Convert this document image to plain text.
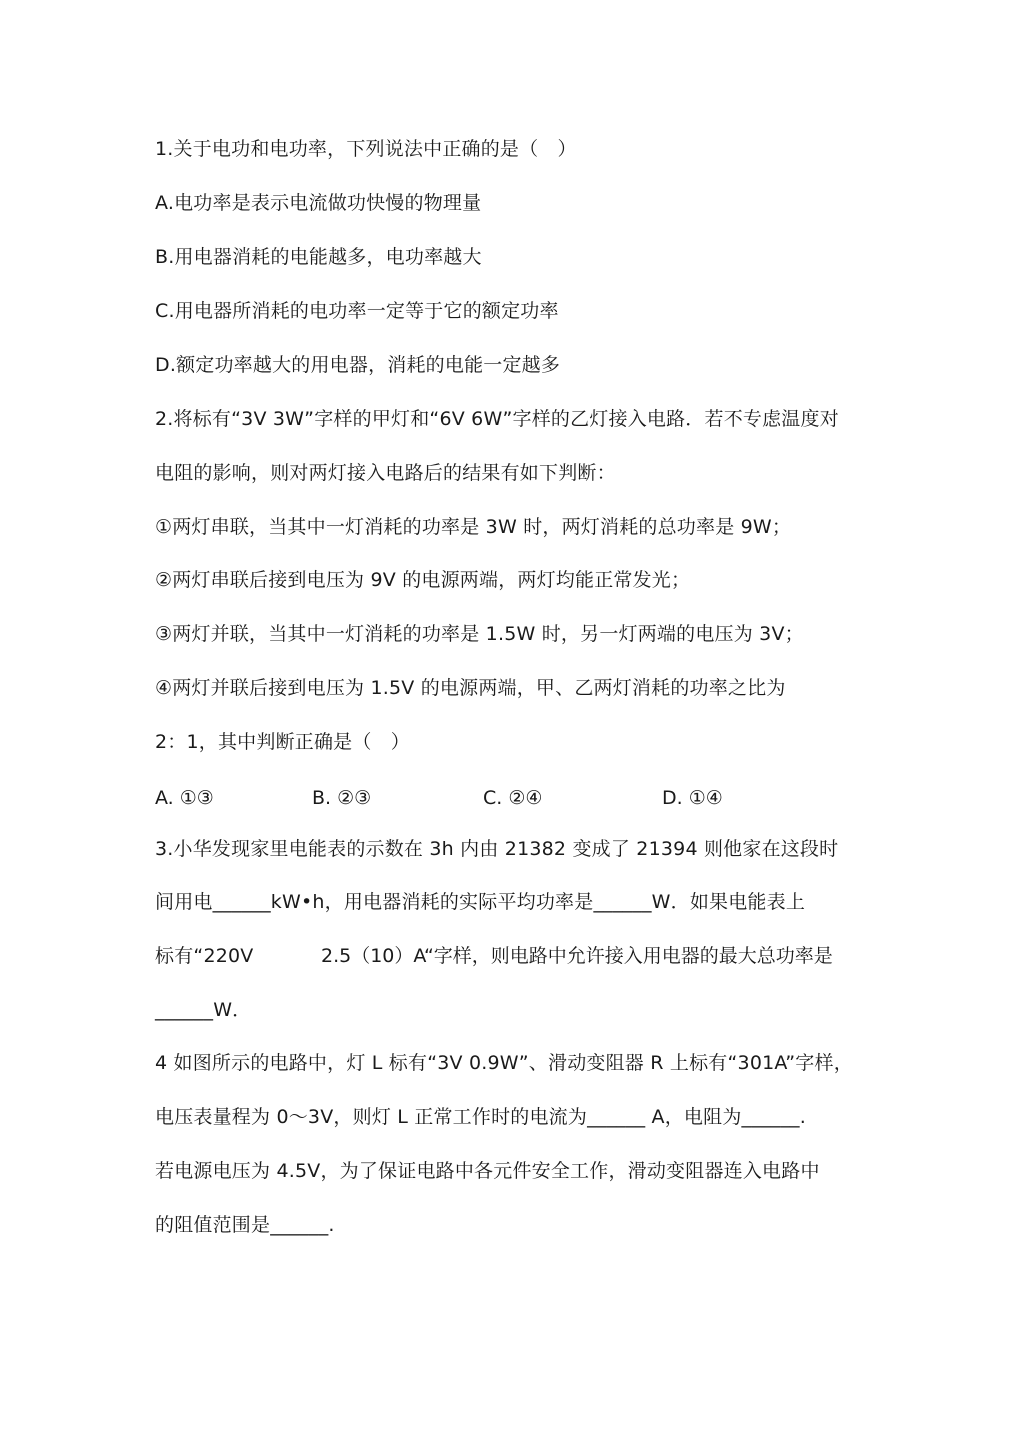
1.关于电功和电功率，下列说法中正确的是（　）
A.电功率是表示电流做功快慢的物理量
B.用电器消耗的电能越多，电功率越大
C.用电器所消耗的电功率一定等于它的额定功率
D.额定功率越大的用电器，消耗的电能一定越多
2.将标有“3V 3W”字样的甲灯和“6V 6W”字样的乙灯接入电路．若不专虑温度对
电阻的影响，则对两灯接入电路后的结果有如下判断：
①两灯串联，当其中一灯消耗的功率是 3W 时，两灯消耗的总功率是 9W；
②两灯串联后接到电压为 9V 的电源两端，两灯均能正常发光；
③两灯并联，当其中一灯消耗的功率是 1.5W 时，另一灯两端的电压为 3V；
④两灯并联后接到电压为 1.5V 的电源两端，甲、乙两灯消耗的功率之比为
2：1，其中判断正确是（　）
A. ①③	B. ②③	C. ②④	D. ①④
3.小华发现家里电能表的示数在 3h 内由 21382 变成了 21394 则他家在这段时
间用电______kW•h，用电器消耗的实际平均功率是______W．如果电能表上
标有“220V	2.5（10）A“字样，则电路中允许接入用电器的最大总功率是
______W．
4 如图所示的电路中，灯 L 标有“3V 0.9W”、滑动变阻器 R 上标有“301A”字样，
电压表量程为 0～3V，则灯 L 正常工作时的电流为______ A，电阻为______.
若电源电压为 4.5V，为了保证电路中各元件安全工作，滑动变阻器连入电路中
的阻值范围是______.
